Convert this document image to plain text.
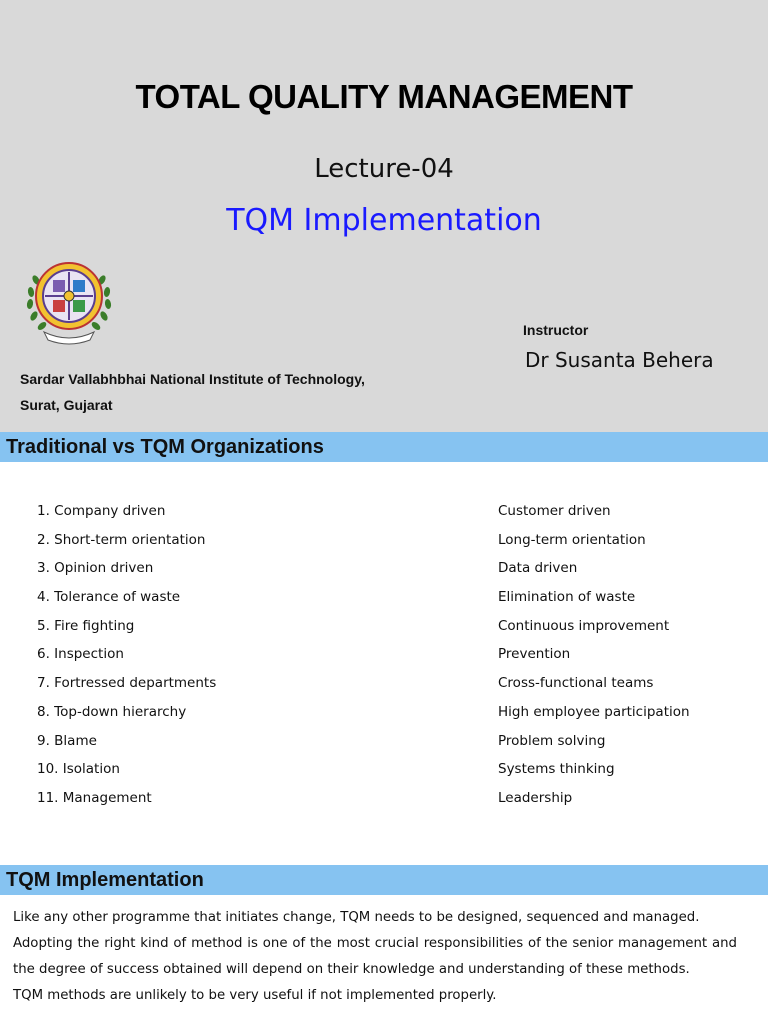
TOTAL QUALITY MANAGEMENT
Lecture-04
TQM Implementation
Sardar Vallabhbhai National Institute of Technology,
Surat, Gujarat
Instructor
Dr Susanta Behera
Traditional vs TQM Organizations
1. Company driven	Customer driven
2. Short-term orientation	Long-term orientation
3. Opinion driven	Data driven
4. Tolerance of waste	Elimination of waste
5. Fire fighting	Continuous improvement
6. Inspection	Prevention
7. Fortressed departments	Cross-functional teams
8. Top-down hierarchy	High employee participation
9. Blame	Problem solving
10. Isolation	Systems thinking
11. Management	Leadership
TQM Implementation

Like any other programme that initiates change, TQM needs to be designed, sequenced and managed.

Adopting the right kind of method is one of the most crucial responsibilities of the senior management and the degree of success obtained will depend on their knowledge and understanding of these methods.

TQM methods are unlikely to be very useful if not implemented properly.
